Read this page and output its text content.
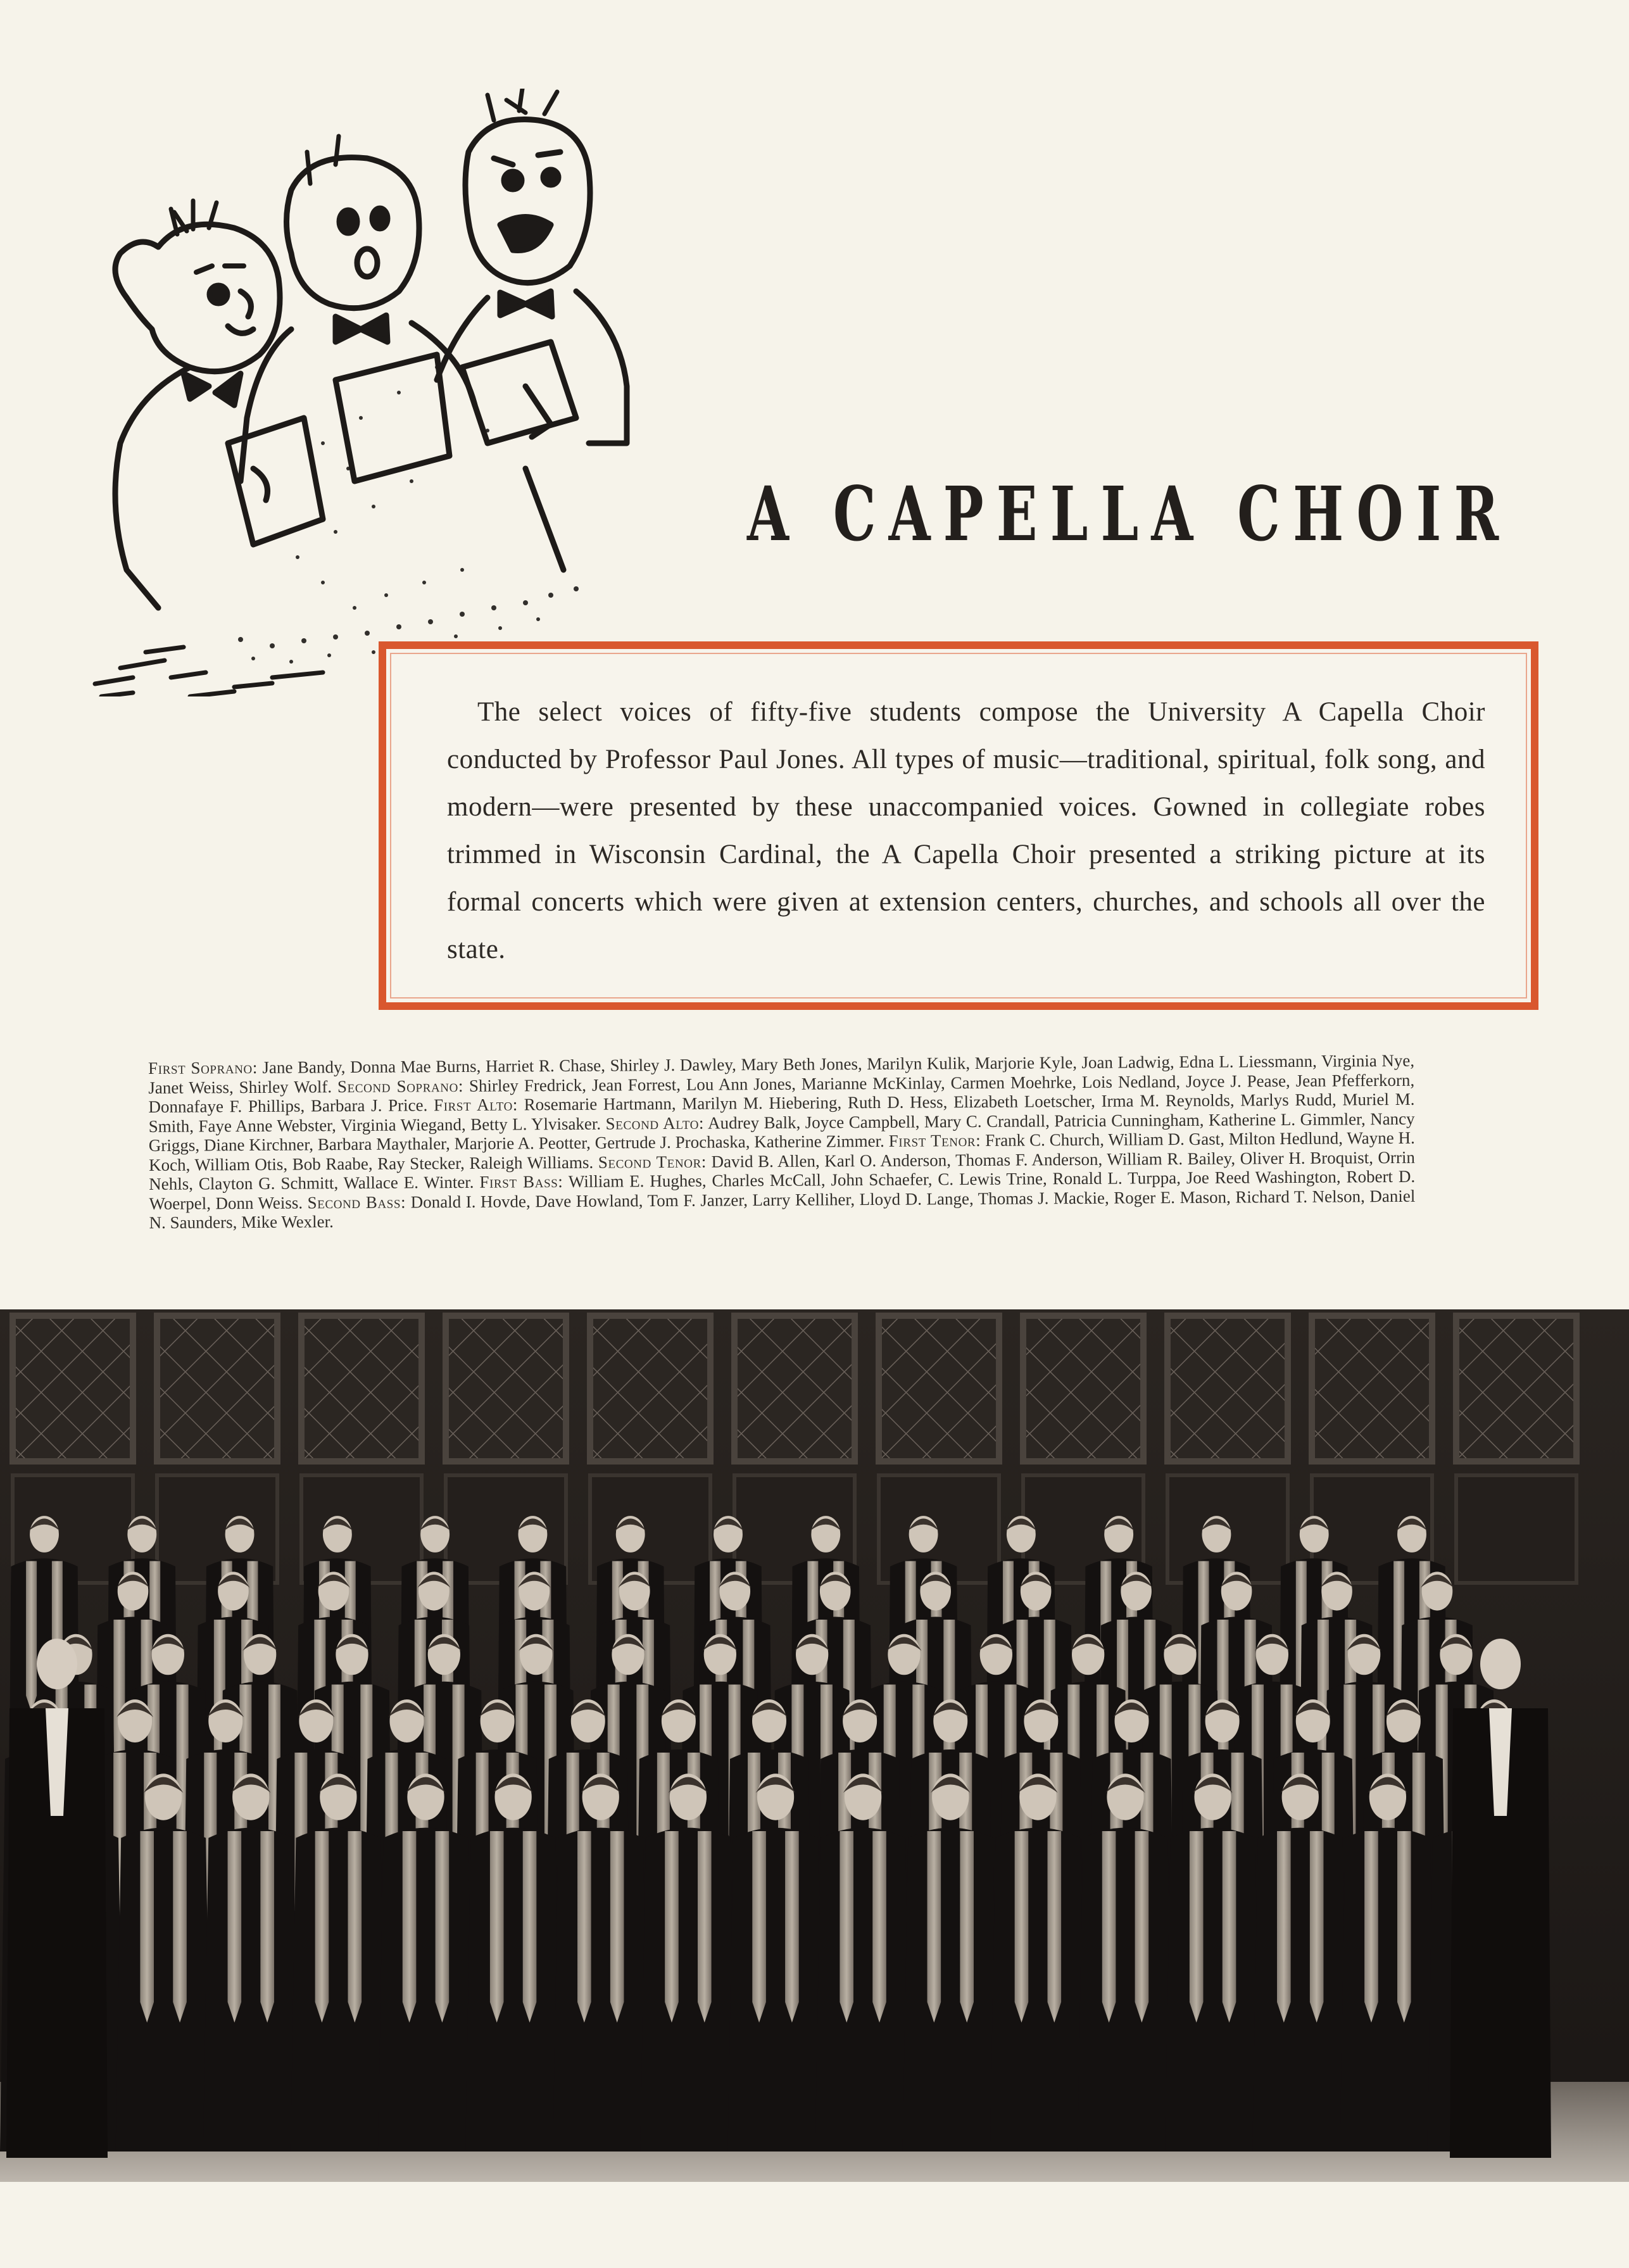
A CAPELLA CHOIR
The select voices of fifty-five students compose the University A Capella Choir conducted by Professor Paul Jones. All types of music—traditional, spiritual, folk song, and modern—were presented by these unaccompanied voices. Gowned in collegiate robes trimmed in Wisconsin Cardinal, the A Capella Choir presented a striking picture at its formal concerts which were given at extension centers, churches, and schools all over the state.
First Soprano: Jane Bandy, Donna Mae Burns, Harriet R. Chase, Shirley J. Dawley, Mary Beth Jones, Marilyn Kulik, Marjorie Kyle, Joan Ladwig, Edna L. Liessmann, Virginia Nye, Janet Weiss, Shirley Wolf. Second Soprano: Shirley Fredrick, Jean Forrest, Lou Ann Jones, Marianne McKinlay, Carmen Moehrke, Lois Nedland, Joyce J. Pease, Jean Pfefferkorn, Donnafaye F. Phillips, Barbara J. Price. First Alto: Rosemarie Hartmann, Marilyn M. Hiebering, Ruth D. Hess, Elizabeth Loetscher, Irma M. Reynolds, Marlys Rudd, Muriel M. Smith, Faye Anne Webster, Virginia Wiegand, Betty L. Ylvisaker. Second Alto: Audrey Balk, Joyce Campbell, Mary C. Crandall, Patricia Cunningham, Katherine L. Gimmler, Nancy Griggs, Diane Kirchner, Barbara Maythaler, Marjorie A. Peotter, Gertrude J. Prochaska, Katherine Zimmer. First Tenor: Frank C. Church, William D. Gast, Milton Hedlund, Wayne H. Koch, William Otis, Bob Raabe, Ray Stecker, Raleigh Williams. Second Tenor: David B. Allen, Karl O. Anderson, Thomas F. Anderson, William R. Bailey, Oliver H. Broquist, Orrin Nehls, Clayton G. Schmitt, Wallace E. Winter. First Bass: William E. Hughes, Charles McCall, John Schaefer, C. Lewis Trine, Ronald L. Turppa, Joe Reed Washington, Robert D. Woerpel, Donn Weiss. Second Bass: Donald I. Hovde, Dave Howland, Tom F. Janzer, Larry Kelliher, Lloyd D. Lange, Thomas J. Mackie, Roger E. Mason, Richard T. Nelson, Daniel N. Saunders, Mike Wexler.
